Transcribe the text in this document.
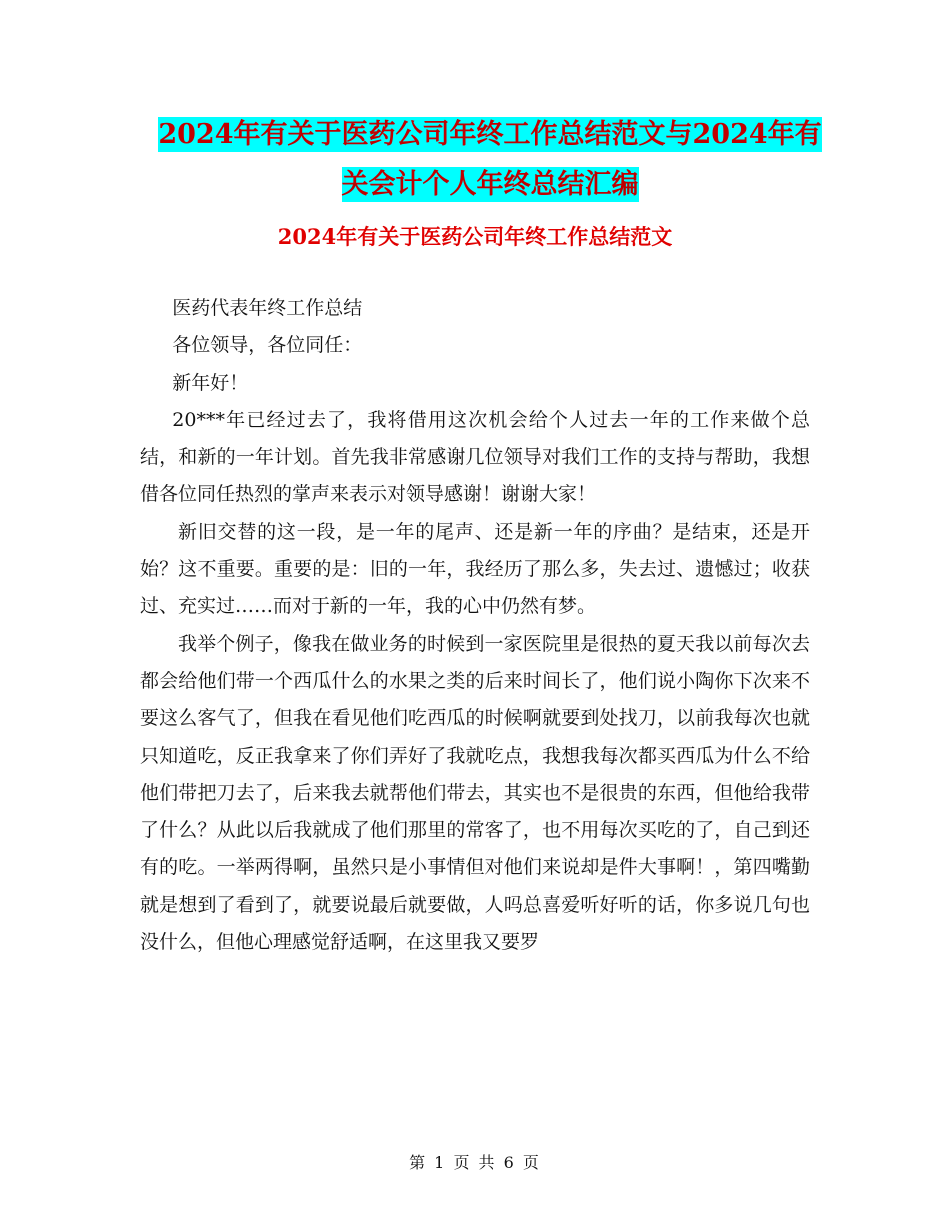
2024年有关于医药公司年终工作总结范文与2024年有
关会计个人年终总结汇编
2024年有关于医药公司年终工作总结范文

医药代表年终工作总结

各位领导，各位同任：

新年好！

20***年已经过去了，我将借用这次机会给个人过去一年的工作来做个总结，和新的一年计划。首先我非常感谢几位领导对我们工作的支持与帮助，我想借各位同任热烈的掌声来表示对领导感谢！谢谢大家！

新旧交替的这一段，是一年的尾声、还是新一年的序曲？是结束，还是开始？这不重要。重要的是：旧的一年，我经历了那么多，失去过、遗憾过；收获过、充实过……而对于新的一年，我的心中仍然有梦。

我举个例子，像我在做业务的时候到一家医院里是很热的夏天我以前每次去都会给他们带一个西瓜什么的水果之类的后来时间长了，他们说小陶你下次来不要这么客气了，但我在看见他们吃西瓜的时候啊就要到处找刀，以前我每次也就只知道吃，反正我拿来了你们弄好了我就吃点，我想我每次都买西瓜为什么不给他们带把刀去了，后来我去就帮他们带去，其实也不是很贵的东西，但他给我带了什么？从此以后我就成了他们那里的常客了，也不用每次买吃的了，自己到还有的吃。一举两得啊，虽然只是小事情但对他们来说却是件大事啊！，第四嘴勤就是想到了看到了，就要说最后就要做，人吗总喜爱听好听的话，你多说几句也没什么，但他心理感觉舒适啊，在这里我又要罗

第 1 页 共 6 页
